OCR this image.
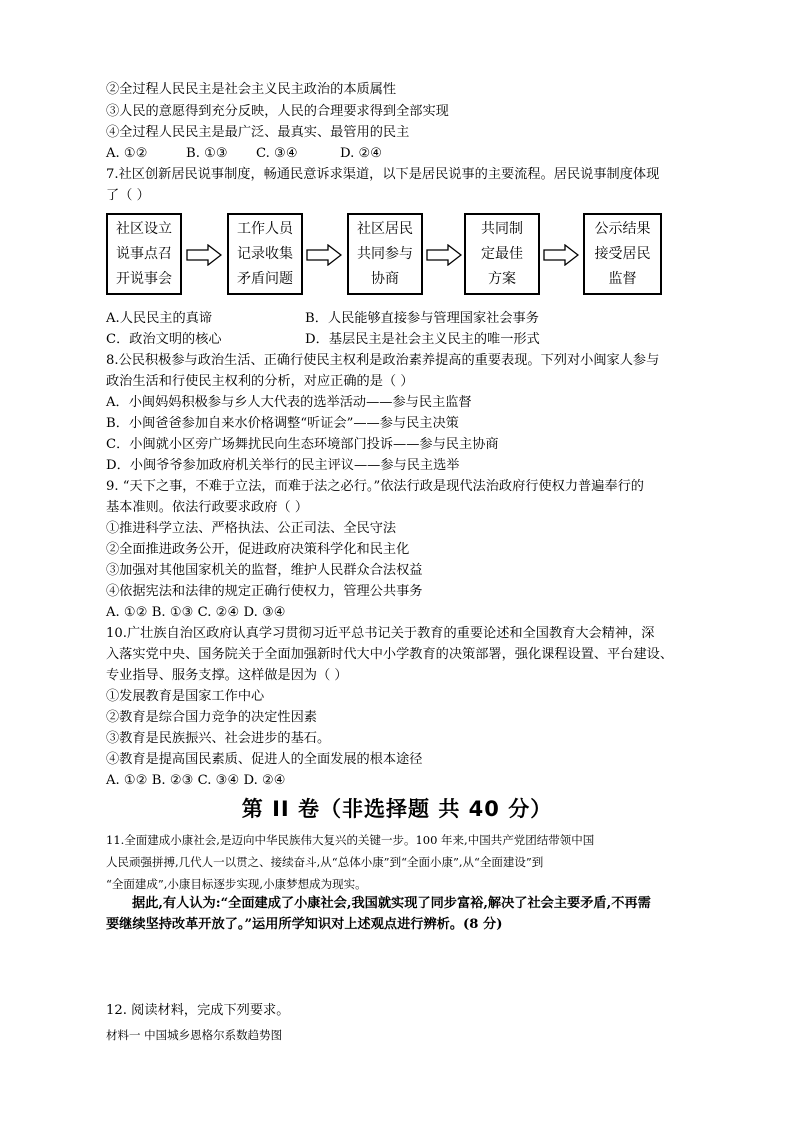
②全过程人民民主是社会主义民主政治的本质属性
③人民的意愿得到充分反映，人民的合理要求得到全部实现
④全过程人民民主是最广泛、最真实、最管用的民主
A. ①②	B. ①③ C. ③④	D. ②④
7.社区创新居民说事制度，畅通民意诉求渠道，以下是居民说事的主要流程。居民说事制度体现
了（ ）
社区设立
说事点召
开说事会
工作人员
记录收集
矛盾问题
社区居民
共同参与
协商
共同制
定最佳
方案
公示结果
接受居民
监督
A.人民民主的真谛	B．人民能够直接参与管理国家社会事务
C．政治文明的核心	D．基层民主是社会主义民主的唯一形式
8.公民积极参与政治生活、正确行使民主权利是政治素养提高的重要表现。下列对小闽家人参与
政治生活和行使民主权利的分析，对应正确的是（ ）
A．小闽妈妈积极参与乡人大代表的选举活动——参与民主监督
B．小闽爸爸参加自来水价格调整“听证会”——参与民主决策
C．小闽就小区旁广场舞扰民向生态环境部门投诉——参与民主协商
D．小闽爷爷参加政府机关举行的民主评议——参与民主选举
9. “天下之事，不难于立法，而难于法之必行。”依法行政是现代法治政府行使权力普遍奉行的
基本准则。依法行政要求政府（ ）
①推进科学立法、严格执法、公正司法、全民守法
②全面推进政务公开，促进政府决策科学化和民主化
③加强对其他国家机关的监督，维护人民群众合法权益
④依据宪法和法律的规定正确行使权力，管理公共事务
A. ①② B. ①③ C. ②④ D. ③④
10.广壮族自治区政府认真学习贯彻习近平总书记关于教育的重要论述和全国教育大会精神，深
入落实党中央、国务院关于全面加强新时代大中小学教育的决策部署，强化课程设置、平台建设、
专业指导、服务支撑。这样做是因为（ ）
①发展教育是国家工作中心
②教育是综合国力竞争的决定性因素
③教育是民族振兴、社会进步的基石。
④教育是提高国民素质、促进人的全面发展的根本途径
A. ①② B. ②③ C. ③④ D. ②④
第 II 卷（非选择题 共 40 分）
11.全面建成小康社会,是迈向中华民族伟大复兴的关键一步。100 年来,中国共产党团结带领中国
人民顽强拼搏,几代人一以贯之、接续奋斗,从“总体小康”到“全面小康”,从“全面建设”到
“全面建成”,小康目标逐步实现,小康梦想成为现实。
据此,有人认为:“全面建成了小康社会,我国就实现了同步富裕,解决了社会主要矛盾,不再需
要继续坚持改革开放了。”运用所学知识对上述观点进行辨析。(8 分)
12. 阅读材料，完成下列要求。
材料一 中国城乡恩格尔系数趋势图
